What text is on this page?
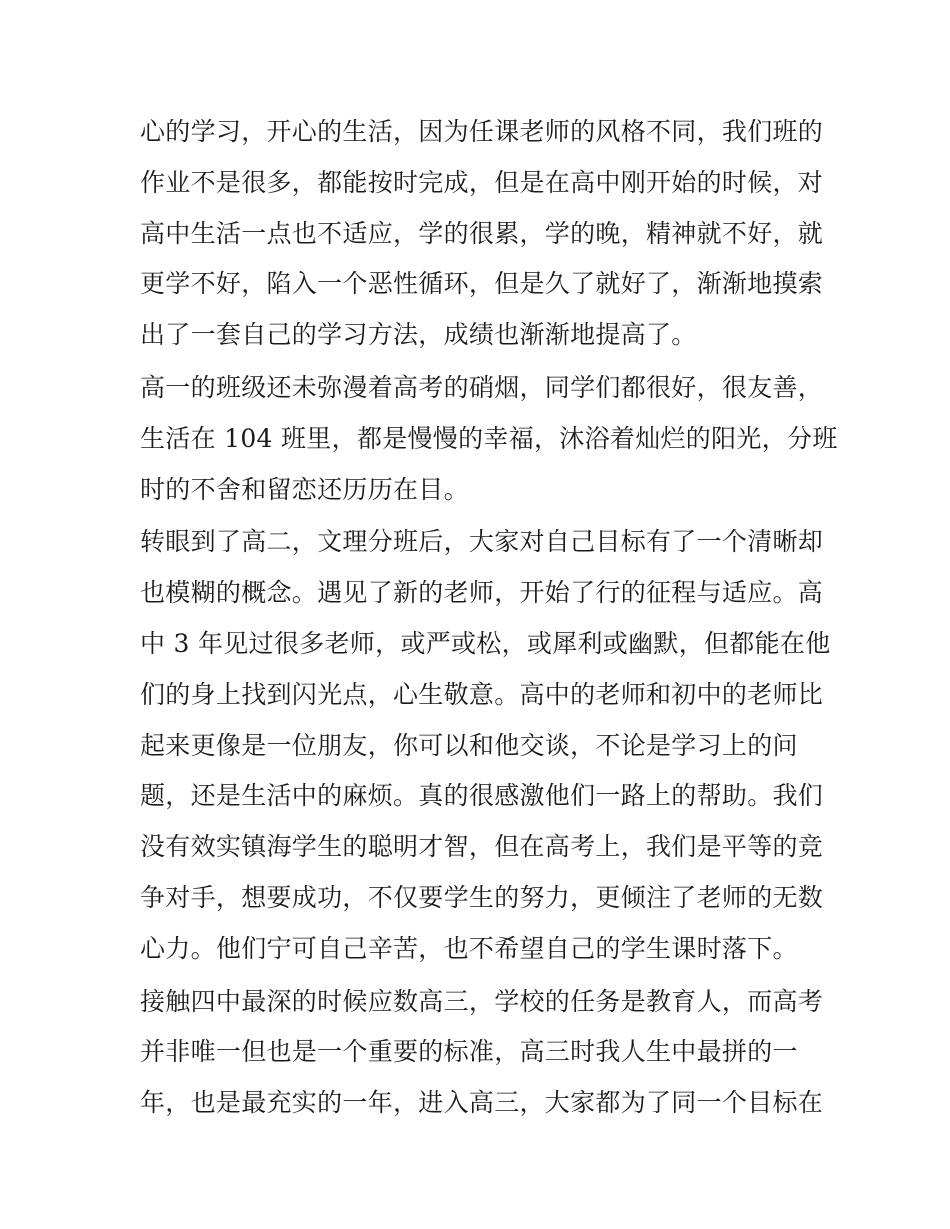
心的学习，开心的生活，因为任课老师的风格不同，我们班的
作业不是很多，都能按时完成，但是在高中刚开始的时候，对
高中生活一点也不适应，学的很累，学的晚，精神就不好，就
更学不好，陷入一个恶性循环，但是久了就好了，渐渐地摸索
出了一套自己的学习方法，成绩也渐渐地提高了。

高一的班级还未弥漫着高考的硝烟，同学们都很好，很友善，
生活在 104 班里，都是慢慢的幸福，沐浴着灿烂的阳光，分班
时的不舍和留恋还历历在目。

转眼到了高二，文理分班后，大家对自己目标有了一个清晰却
也模糊的概念。遇见了新的老师，开始了行的征程与适应。高
中 3 年见过很多老师，或严或松，或犀利或幽默，但都能在他
们的身上找到闪光点，心生敬意。高中的老师和初中的老师比
起来更像是一位朋友，你可以和他交谈，不论是学习上的问
题，还是生活中的麻烦。真的很感激他们一路上的帮助。我们
没有效实镇海学生的聪明才智，但在高考上，我们是平等的竞
争对手，想要成功，不仅要学生的努力，更倾注了老师的无数
心力。他们宁可自己辛苦，也不希望自己的学生课时落下。

接触四中最深的时候应数高三，学校的任务是教育人，而高考
并非唯一但也是一个重要的标准，高三时我人生中最拼的一
年，也是最充实的一年，进入高三，大家都为了同一个目标在
